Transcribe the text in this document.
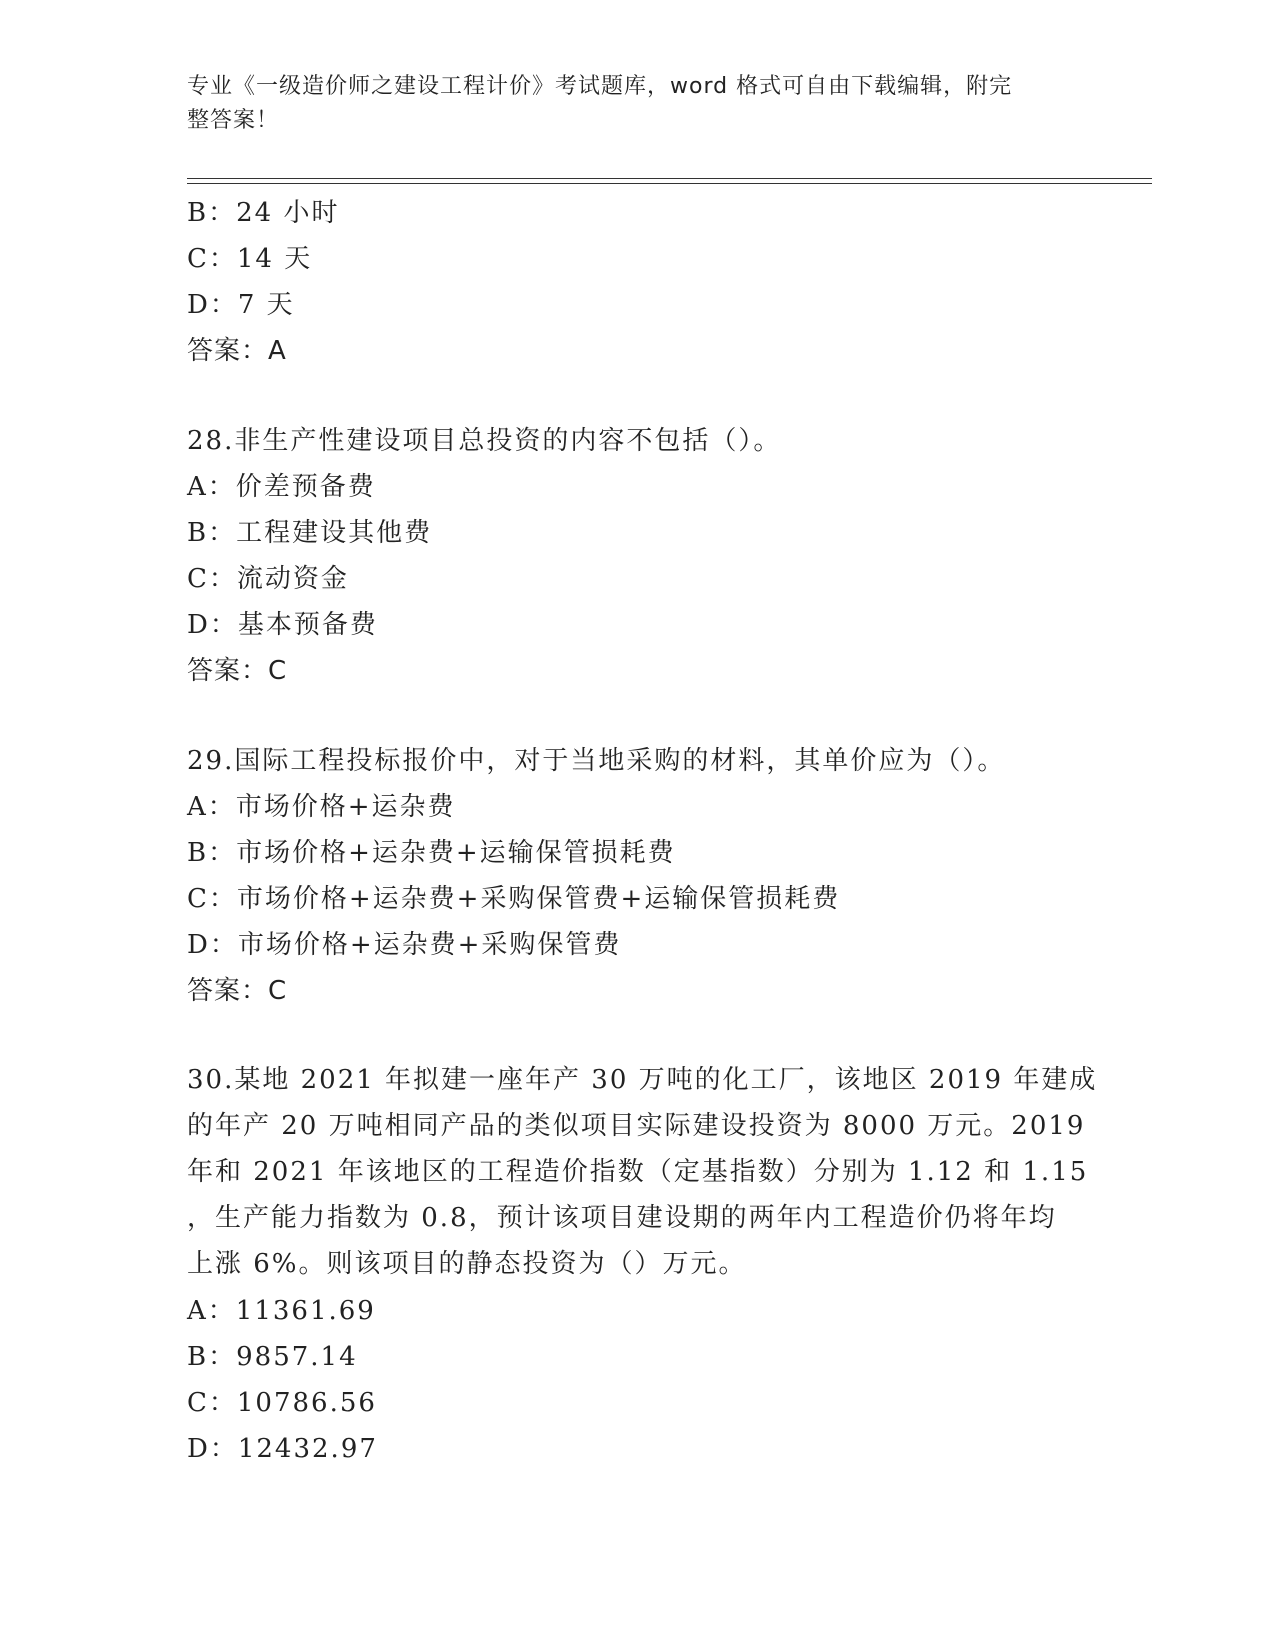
专业《一级造价师之建设工程计价》考试题库，word 格式可自由下载编辑，附完
整答案！
B：24 小时
C：14 天
D：7 天
答案：A
28.非生产性建设项目总投资的内容不包括（）。
A：价差预备费
B：工程建设其他费
C：流动资金
D：基本预备费
答案：C
29.国际工程投标报价中，对于当地采购的材料，其单价应为（）。
A：市场价格+运杂费
B：市场价格+运杂费+运输保管损耗费
C：市场价格+运杂费+采购保管费+运输保管损耗费
D：市场价格+运杂费+采购保管费
答案：C
30.某地 2021 年拟建一座年产 30 万吨的化工厂，该地区 2019 年建成
的年产 20 万吨相同产品的类似项目实际建设投资为 8000 万元。2019
年和 2021 年该地区的工程造价指数（定基指数）分别为 1.12 和 1.15
，生产能力指数为 0.8，预计该项目建设期的两年内工程造价仍将年均
上涨 6%。则该项目的静态投资为（）万元。
A：11361.69
B：9857.14
C：10786.56
D：12432.97
